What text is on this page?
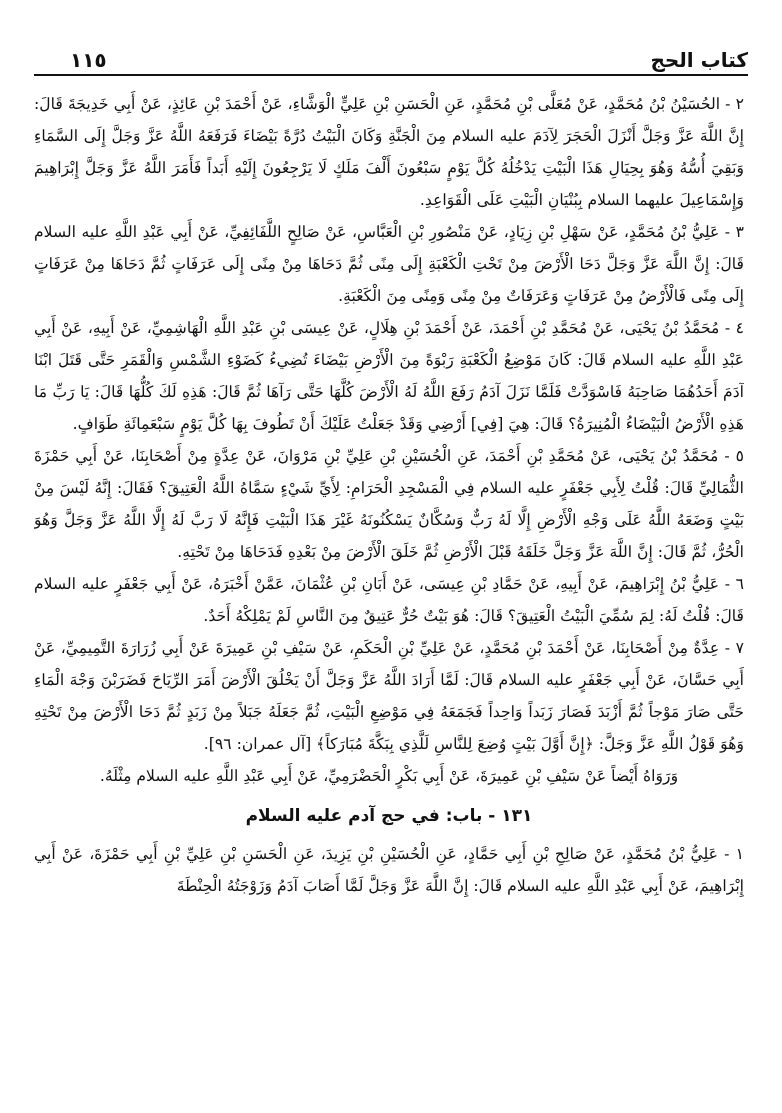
١١٥	كتاب الحج

٢ - الحُسَيْنُ بْنُ مُحَمَّدٍ، عَنْ مُعَلَّى بْنِ مُحَمَّدٍ، عَنِ الْحَسَنِ بْنِ عَلِيٍّ الْوَشَّاءِ، عَنْ أَحْمَدَ بْنِ عَائِذٍ، عَنْ أَبِي خَدِيجَةَ قَالَ: إِنَّ اللَّهَ عَزَّ وَجَلَّ أَنْزَلَ الْحَجَرَ لِآدَمَ عليه السلام مِنَ الْجَنَّةِ وَكَانَ الْبَيْتُ دُرَّةً بَيْضَاءَ فَرَفَعَهُ اللَّهُ عَزَّ وَجَلَّ إِلَى السَّمَاءِ وَبَقِيَ أُسُّهُ وَهُوَ بِحِيَالِ هَذَا الْبَيْتِ يَدْخُلُهُ كُلَّ يَوْمٍ سَبْعُونَ أَلْفَ مَلَكٍ لَا يَرْجِعُونَ إِلَيْهِ أَبَداً فَأَمَرَ اللَّهُ عَزَّ وَجَلَّ إِبْرَاهِيمَ وَإِسْمَاعِيلَ عليهما السلام بِبُنْيَانِ الْبَيْتِ عَلَى الْقَوَاعِدِ.

٣ - عَلِيُّ بْنُ مُحَمَّدٍ، عَنْ سَهْلِ بْنِ زِيَادٍ، عَنْ مَنْصُورِ بْنِ الْعَبَّاسِ، عَنْ صَالِحٍ اللَّفَائِفِيِّ، عَنْ أَبِي عَبْدِ اللَّهِ عليه السلام قَالَ: إِنَّ اللَّهَ عَزَّ وَجَلَّ دَحَا الْأَرْضَ مِنْ تَحْتِ الْكَعْبَةِ إِلَى مِنًى ثُمَّ دَحَاهَا مِنْ مِنًى إِلَى عَرَفَاتٍ ثُمَّ دَحَاهَا مِنْ عَرَفَاتٍ إِلَى مِنًى فَالْأَرْضُ مِنْ عَرَفَاتٍ وَعَرَفَاتٌ مِنْ مِنًى وَمِنًى مِنَ الْكَعْبَةِ.

٤ - مُحَمَّدُ بْنُ يَحْيَى، عَنْ مُحَمَّدِ بْنِ أَحْمَدَ، عَنْ أَحْمَدَ بْنِ هِلَالٍ، عَنْ عِيسَى بْنِ عَبْدِ اللَّهِ الْهَاشِمِيِّ، عَنْ أَبِيهِ، عَنْ أَبِي عَبْدِ اللَّهِ عليه السلام قَالَ: كَانَ مَوْضِعُ الْكَعْبَةِ رَبْوَةً مِنَ الْأَرْضِ بَيْضَاءَ تُضِيءُ كَضَوْءِ الشَّمْسِ وَالْقَمَرِ حَتَّى قَتَلَ ابْنَا آدَمَ أَحَدُهُمَا صَاحِبَهُ فَاسْوَدَّتْ فَلَمَّا نَزَلَ آدَمُ رَفَعَ اللَّهُ لَهُ الْأَرْضَ كُلَّهَا حَتَّى رَآهَا ثُمَّ قَالَ: هَذِهِ لَكَ كُلُّهَا قَالَ: يَا رَبِّ مَا هَذِهِ الْأَرْضُ الْبَيْضَاءُ الْمُنِيرَةُ؟ قَالَ: هِيَ [فِي] أَرْضِي وَقَدْ جَعَلْتُ عَلَيْكَ أَنْ تَطُوفَ بِهَا كُلَّ يَوْمٍ سَبْعَمِائَةِ طَوَافٍ.

٥ - مُحَمَّدُ بْنُ يَحْيَى، عَنْ مُحَمَّدِ بْنِ أَحْمَدَ، عَنِ الْحُسَيْنِ بْنِ عَلِيِّ بْنِ مَرْوَانَ، عَنْ عِدَّةٍ مِنْ أَصْحَابِنَا، عَنْ أَبِي حَمْزَةَ الثُّمَالِيِّ قَالَ: قُلْتُ لِأَبِي جَعْفَرٍ عليه السلام فِي الْمَسْجِدِ الْحَرَامِ: لِأَيِّ شَيْءٍ سَمَّاهُ اللَّهُ الْعَتِيقَ؟ فَقَالَ: إِنَّهُ لَيْسَ مِنْ بَيْتٍ وَضَعَهُ اللَّهُ عَلَى وَجْهِ الْأَرْضِ إِلَّا لَهُ رَبٌّ وَسُكَّانٌ يَسْكُنُونَهُ غَيْرَ هَذَا الْبَيْتِ فَإِنَّهُ لَا رَبَّ لَهُ إِلَّا اللَّهُ عَزَّ وَجَلَّ وَهُوَ الْحُرُّ، ثُمَّ قَالَ: إِنَّ اللَّهَ عَزَّ وَجَلَّ خَلَقَهُ قَبْلَ الْأَرْضِ ثُمَّ خَلَقَ الْأَرْضَ مِنْ بَعْدِهِ فَدَحَاهَا مِنْ تَحْتِهِ.

٦ - عَلِيُّ بْنُ إِبْرَاهِيمَ، عَنْ أَبِيهِ، عَنْ حَمَّادِ بْنِ عِيسَى، عَنْ أَبَانِ بْنِ عُثْمَانَ، عَمَّنْ أَخْبَرَهُ، عَنْ أَبِي جَعْفَرٍ عليه السلام قَالَ: قُلْتُ لَهُ: لِمَ سُمِّيَ الْبَيْتُ الْعَتِيقَ؟ قَالَ: هُوَ بَيْتٌ حُرٌّ عَتِيقٌ مِنَ النَّاسِ لَمْ يَمْلِكْهُ أَحَدٌ.

٧ - عِدَّةٌ مِنْ أَصْحَابِنَا، عَنْ أَحْمَدَ بْنِ مُحَمَّدٍ، عَنْ عَلِيِّ بْنِ الْحَكَمِ، عَنْ سَيْفِ بْنِ عَمِيرَةَ عَنْ أَبِي زُرَارَةَ التَّمِيمِيِّ، عَنْ أَبِي حَسَّانَ، عَنْ أَبِي جَعْفَرٍ عليه السلام قَالَ: لَمَّا أَرَادَ اللَّهُ عَزَّ وَجَلَّ أَنْ يَخْلُقَ الْأَرْضَ أَمَرَ الرِّيَاحَ فَضَرَبْنَ وَجْهَ الْمَاءِ حَتَّى صَارَ مَوْجاً ثُمَّ أَزْبَدَ فَصَارَ زَبَداً وَاحِداً فَجَمَعَهُ فِي مَوْضِعِ الْبَيْتِ، ثُمَّ جَعَلَهُ جَبَلاً مِنْ زَبَدٍ ثُمَّ دَحَا الْأَرْضَ مِنْ تَحْتِهِ وَهُوَ قَوْلُ اللَّهِ عَزَّ وَجَلَّ: ﴿إِنَّ أَوَّلَ بَيْتٍ وُضِعَ لِلنَّاسِ لَلَّذِي بِبَكَّةَ مُبَارَكاً﴾ [آل عمران: ٩٦].

وَرَوَاهُ أَيْضاً عَنْ سَيْفِ بْنِ عَمِيرَةَ، عَنْ أَبِي بَكْرٍ الْحَضْرَمِيِّ، عَنْ أَبِي عَبْدِ اللَّهِ عليه السلام مِثْلَهُ.

١٣١ - باب: في حج آدم عليه السلام

١ - عَلِيُّ بْنُ مُحَمَّدٍ، عَنْ صَالِحِ بْنِ أَبِي حَمَّادٍ، عَنِ الْحُسَيْنِ بْنِ يَزِيدَ، عَنِ الْحَسَنِ بْنِ عَلِيِّ بْنِ أَبِي حَمْزَةَ، عَنْ أَبِي إِبْرَاهِيمَ، عَنْ أَبِي عَبْدِ اللَّهِ عليه السلام قَالَ: إِنَّ اللَّهَ عَزَّ وَجَلَّ لَمَّا أَصَابَ آدَمُ وَزَوْجَتُهُ الْحِنْطَةَ
